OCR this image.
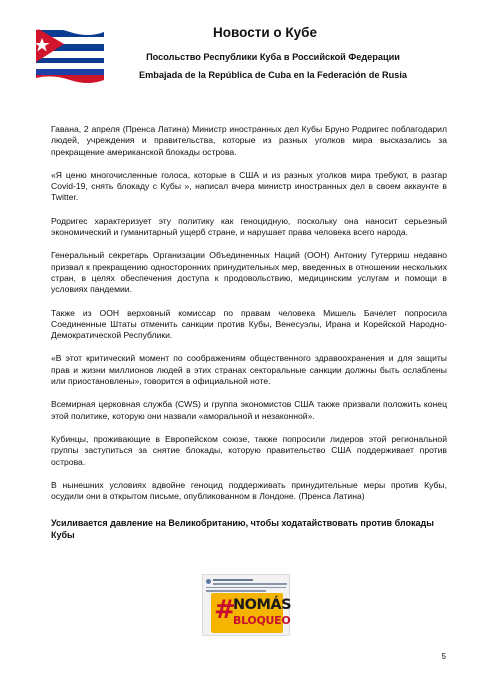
Новости о Кубе
Посольство Республики Куба в Российской Федерации
Embajada de la República de Cuba en la Federación de Rusia

Гавана, 2 апреля (Пренса Латина) Министр иностранных дел Кубы Бруно Родригес поблагодарил людей, учреждения и правительства, которые из разных уголков мира высказались за прекращение американской блокады острова.

«Я ценю многочисленные голоса, которые в США и из разных уголков мира требуют, в разгар Covid-19, снять блокаду с Кубы », написал вчера министр иностранных дел в своем аккаунте в Twitter.

Родригес характеризует эту политику как геноцидную, поскольку она наносит серьезный экономический и гуманитарный ущерб стране, и нарушает права человека всего народа.

Генеральный секретарь Организации Объединенных Наций (ООН) Антониу Гутерриш недавно призвал к прекращению односторонних принудительных мер, введенных в отношении нескольких стран, в целях обеспечения доступа к продовольствию, медицинским услугам и помощи в условиях пандемии.

Также из ООН верховный комиссар по правам человека Мишель Бачелет попросила Соединенные Штаты отменить санкции против Кубы, Венесуэлы, Ирана и Корейской Народно-Демократической Республики.

«В этот критический момент по соображениям общественного здравоохранения и для защиты прав и жизни миллионов людей в этих странах секторальные санкции должны быть ослаблены или приостановлены», говорится в официальной ноте.

Всемирная церковная служба (CWS) и группа экономистов США также призвали положить конец этой политике, которую они назвали «аморальной и незаконной».

Кубинцы, проживающие в Европейском союзе, также попросили лидеров этой региональной группы заступиться за снятие блокады, которую правительство США поддерживает против острова.

В нынешних условиях вдвойне геноцид поддерживать принудительные меры против Кубы, осудили они в открытом письме, опубликованном в Лондоне. (Пренса Латина)

Усиливается давление на Великобританию, чтобы ходатайствовать против блокады Кубы

#
NOMÁS
BLOQUEO
5
